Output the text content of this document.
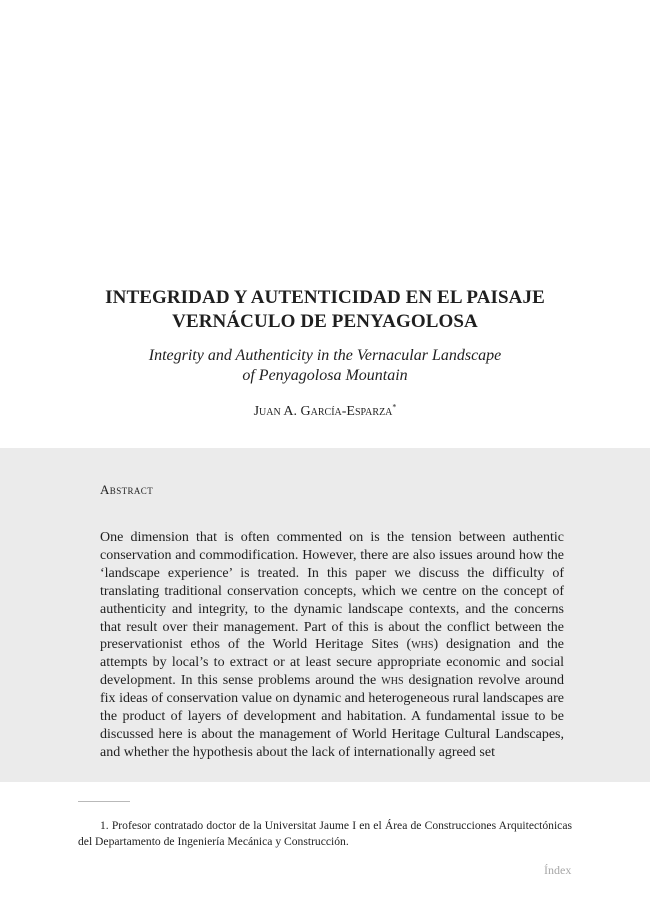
INTEGRIDAD Y AUTENTICIDAD EN EL PAISAJE
VERNÁCULO DE PENYAGOLOSA
Integrity and Authenticity in the Vernacular Landscape
of Penyagolosa Mountain
Juan A. García-Esparza*
Abstract

One dimension that is often commented on is the tension between authentic conservation and commodification. However, there are also issues around how the ‘landscape experience’ is treated. In this paper we discuss the difficulty of translating traditional conservation concepts, which we centre on the concept of authenticity and integrity, to the dynamic landscape contexts, and the concerns that result over their management. Part of this is about the conflict between the preservationist ethos of the World Heritage Sites (whs) designation and the attempts by local’s to extract or at least secure appropriate economic and social development. In this sense problems around the whs designation revolve around fix ideas of conservation value on dynamic and heterogeneous rural landscapes are the product of layers of development and habitation. A fundamental issue to be discussed here is about the management of World Heritage Cultural Landscapes, and whether the hypothesis about the lack of internationally agreed set

1. Profesor contratado doctor de la Universitat Jaume I en el Área de Construcciones Arquitectónicas del Departamento de Ingeniería Mecánica y Construcción.

Índex
